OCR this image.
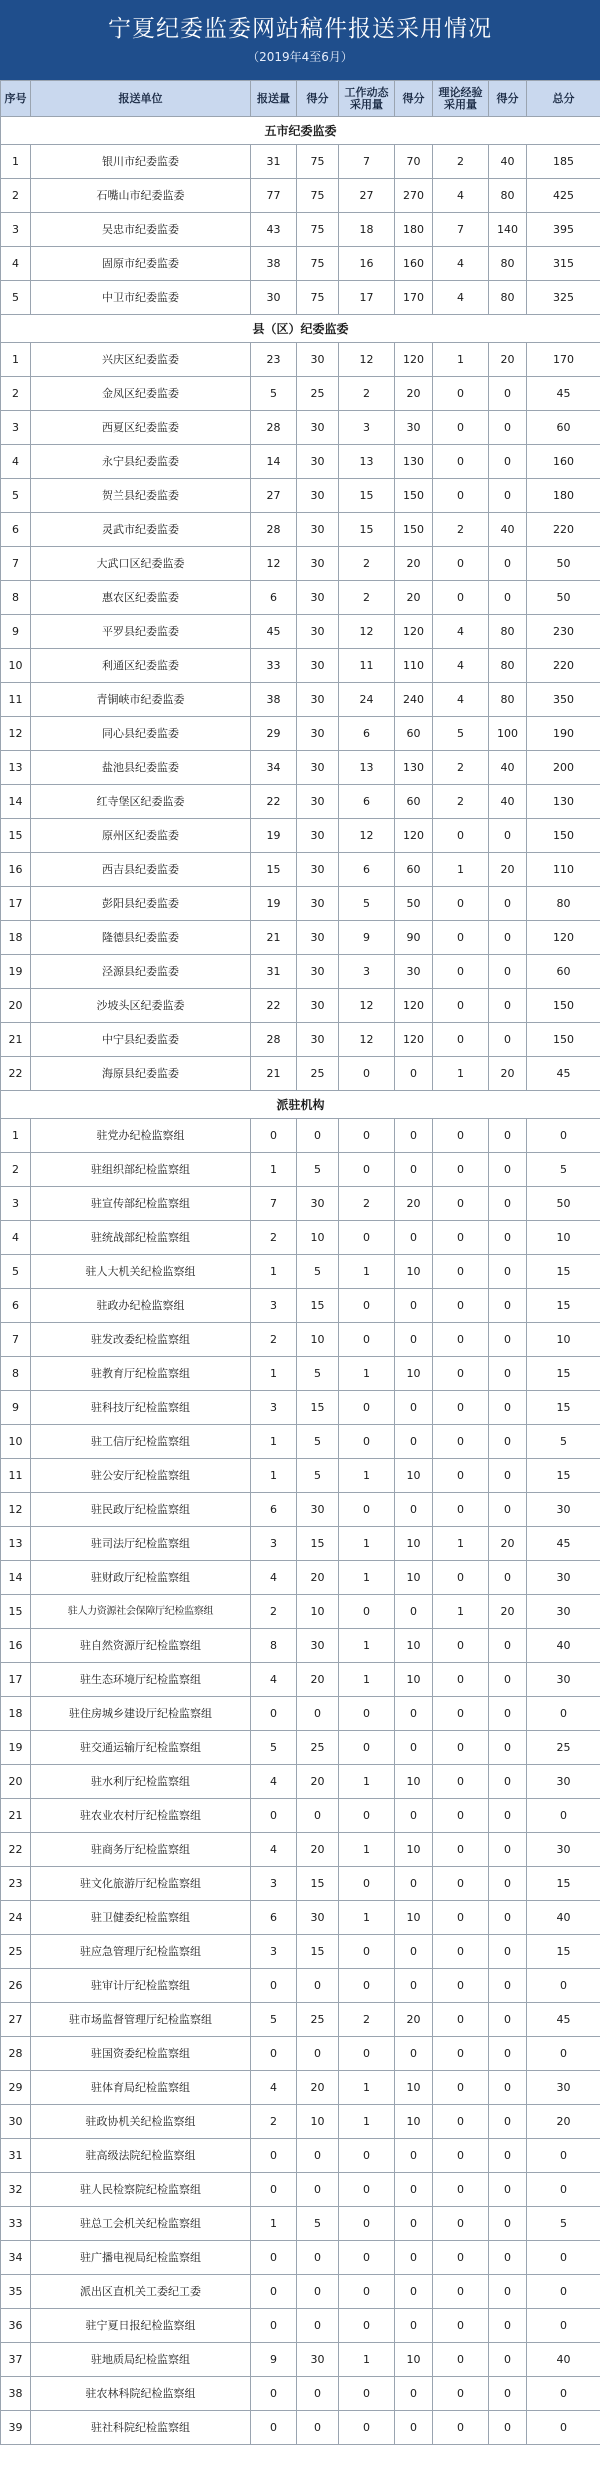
宁夏纪委监委网站稿件报送采用情况
（2019年4至6月）
序号	报送单位	报送量	得分	工作动态采用量	得分	理论经验采用量	得分	总分
五市纪委监委								
1	银川市纪委监委	31	75	7	70	2	40	185
2	石嘴山市纪委监委	77	75	27	270	4	80	425
3	吴忠市纪委监委	43	75	18	180	7	140	395
4	固原市纪委监委	38	75	16	160	4	80	315
5	中卫市纪委监委	30	75	17	170	4	80	325
县（区）纪委监委								
1	兴庆区纪委监委	23	30	12	120	1	20	170
2	金凤区纪委监委	5	25	2	20	0	0	45
3	西夏区纪委监委	28	30	3	30	0	0	60
4	永宁县纪委监委	14	30	13	130	0	0	160
5	贺兰县纪委监委	27	30	15	150	0	0	180
6	灵武市纪委监委	28	30	15	150	2	40	220
7	大武口区纪委监委	12	30	2	20	0	0	50
8	惠农区纪委监委	6	30	2	20	0	0	50
9	平罗县纪委监委	45	30	12	120	4	80	230
10	利通区纪委监委	33	30	11	110	4	80	220
11	青铜峡市纪委监委	38	30	24	240	4	80	350
12	同心县纪委监委	29	30	6	60	5	100	190
13	盐池县纪委监委	34	30	13	130	2	40	200
14	红寺堡区纪委监委	22	30	6	60	2	40	130
15	原州区纪委监委	19	30	12	120	0	0	150
16	西吉县纪委监委	15	30	6	60	1	20	110
17	彭阳县纪委监委	19	30	5	50	0	0	80
18	隆德县纪委监委	21	30	9	90	0	0	120
19	泾源县纪委监委	31	30	3	30	0	0	60
20	沙坡头区纪委监委	22	30	12	120	0	0	150
21	中宁县纪委监委	28	30	12	120	0	0	150
22	海原县纪委监委	21	25	0	0	1	20	45
派驻机构								
1	驻党办纪检监察组	0	0	0	0	0	0	0
2	驻组织部纪检监察组	1	5	0	0	0	0	5
3	驻宣传部纪检监察组	7	30	2	20	0	0	50
4	驻统战部纪检监察组	2	10	0	0	0	0	10
5	驻人大机关纪检监察组	1	5	1	10	0	0	15
6	驻政办纪检监察组	3	15	0	0	0	0	15
7	驻发改委纪检监察组	2	10	0	0	0	0	10
8	驻教育厅纪检监察组	1	5	1	10	0	0	15
9	驻科技厅纪检监察组	3	15	0	0	0	0	15
10	驻工信厅纪检监察组	1	5	0	0	0	0	5
11	驻公安厅纪检监察组	1	5	1	10	0	0	15
12	驻民政厅纪检监察组	6	30	0	0	0	0	30
13	驻司法厅纪检监察组	3	15	1	10	1	20	45
14	驻财政厅纪检监察组	4	20	1	10	0	0	30
15	驻人力资源社会保障厅纪检监察组	2	10	0	0	1	20	30
16	驻自然资源厅纪检监察组	8	30	1	10	0	0	40
17	驻生态环境厅纪检监察组	4	20	1	10	0	0	30
18	驻住房城乡建设厅纪检监察组	0	0	0	0	0	0	0
19	驻交通运输厅纪检监察组	5	25	0	0	0	0	25
20	驻水利厅纪检监察组	4	20	1	10	0	0	30
21	驻农业农村厅纪检监察组	0	0	0	0	0	0	0
22	驻商务厅纪检监察组	4	20	1	10	0	0	30
23	驻文化旅游厅纪检监察组	3	15	0	0	0	0	15
24	驻卫健委纪检监察组	6	30	1	10	0	0	40
25	驻应急管理厅纪检监察组	3	15	0	0	0	0	15
26	驻审计厅纪检监察组	0	0	0	0	0	0	0
27	驻市场监督管理厅纪检监察组	5	25	2	20	0	0	45
28	驻国资委纪检监察组	0	0	0	0	0	0	0
29	驻体育局纪检监察组	4	20	1	10	0	0	30
30	驻政协机关纪检监察组	2	10	1	10	0	0	20
31	驻高级法院纪检监察组	0	0	0	0	0	0	0
32	驻人民检察院纪检监察组	0	0	0	0	0	0	0
33	驻总工会机关纪检监察组	1	5	0	0	0	0	5
34	驻广播电视局纪检监察组	0	0	0	0	0	0	0
35	派出区直机关工委纪工委	0	0	0	0	0	0	0
36	驻宁夏日报纪检监察组	0	0	0	0	0	0	0
37	驻地质局纪检监察组	9	30	1	10	0	0	40
38	驻农林科院纪检监察组	0	0	0	0	0	0	0
39	驻社科院纪检监察组	0	0	0	0	0	0	0
